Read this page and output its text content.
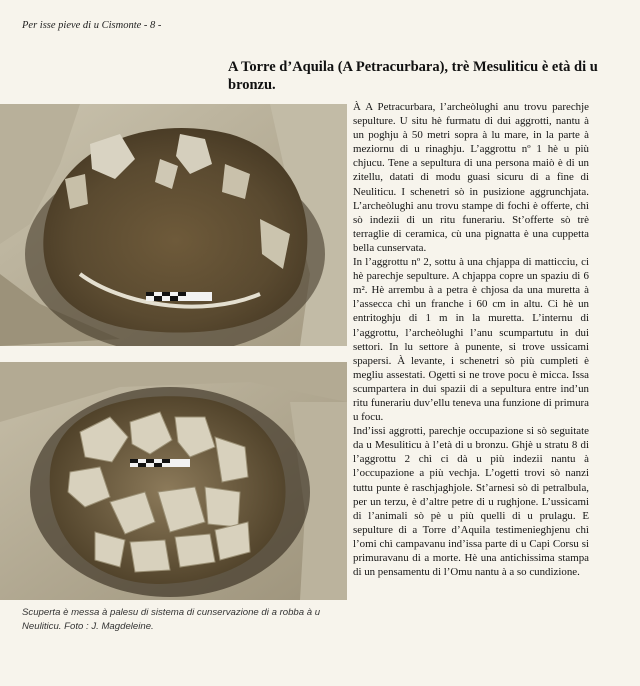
Per isse pieve di u Cismonte - 8 -
A Torre d’Aquila (A Petracurbara), trè Mesuliticu è età di u bronzu.
Scuperta è messa à palesu di sistema di cunservazione di a robba à u Neuliticu. Foto : J. Magdeleine.

À A Petracurbara, l’archeòlughi anu trovu parechje sepulture. U situ hè furmatu di dui aggrotti, nantu à un poghju à 50 metri sopra à lu mare, in la parte à meziornu di u rinaghju. L’aggrottu nº 1 hè u più chjucu. Tene a sepultura di una persona maiò è di un zitellu, datati di modu guasi sicuru di a fine di Neuliticu. I schenetri sò in pusizione aggrunchjata. L’archeòlughi anu trovu stampe di fochi è offerte, chì sò indezii di un ritu funerariu. St’offerte sò trè terraglie di ceramica, cù una pignatta è una cuppetta bella cunservata.

In l’aggrottu nº 2, sottu à una chjappa di matticciu, ci hè parechje sepulture. A chjappa copre un spaziu di 6 m². Hè arrembu à a petra è chjosa da una muretta à l’assecca chì un franche i 60 cm in altu. Ci hè un entritoghju di 1 m in la muretta. L’internu di l’aggrottu, l’archeòlughi l’anu scumpartutu in dui settori. In lu settore à punente, si trove ussicami spapersi. À levante, i schenetri sò più cumpleti è megliu assestati. Ogetti si ne trove pocu è micca. Issa scumpartera in dui spazii di a sepultura entre ind’un ritu funerariu duv’ellu teneva una funzione di primura u focu.

Ind’issi aggrotti, parechje occupazione si sò seguitate da u Mesuliticu à l’età di u bronzu. Ghjè u stratu 8 di l’aggrottu 2 chì ci dà u più indezii nantu à l’occupazione a più vechja. L’ogetti trovi sò nanzi tuttu punte è raschjaghjole. St’arnesi sò di petralbula, per un terzu, è d’altre petre di u rughjone. L’ussicami di l’animali sò pè u più quelli di u prulagu. E sepulture di a Torre d’Aquila testimenieghjenu chì l’omi chì campavanu ind’issa parte di u Capi Corsu si primuravanu di a morte. Hè una antichissima stampa di un pensamentu di l’Omu nantu à a so cundizione.
